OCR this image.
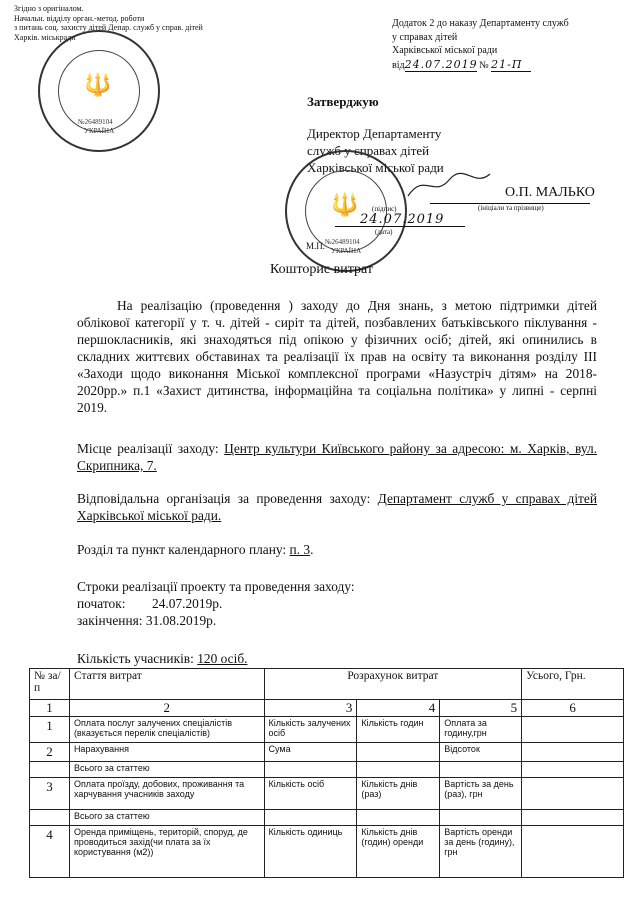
Згідно з оригіналом.
Начальн. відділу орган.-метод. роботи
з питань соц. захисту дітей Депар. служб у справ. дітей
Харків. міськради
🔱
№26489104
УКРАЇНА
Додаток 2 до наказу Департаменту служб
у справах дітей
Харківської міської ради
від24.07.2019 № 21-П
Затверджую
Директор Департаменту
служб у справах дітей
Харківської міської ради
🔱
№26489104
УКРАЇНА
О.П. МАЛЬКО
(ініціали та прізвище)
(підпис)
24.07.2019
(дата)
М.П.
Кошторис витрат
На реалізацію (проведення ) заходу до Дня знань, з метою підтримки дітей облікової категорії у т. ч. дітей - сиріт та дітей, позбавлених батьківського піклування - першокласників, які знаходяться під опікою у фізичних осіб; дітей, які опинились в складних життєвих обставинах та реалізації їх прав на освіту та виконання розділу ІІІ «Заходи щодо виконання Міської комплексної програми «Назустріч дітям» на 2018-2020рр.» п.1 «Захист дитинства, інформаційна та соціальна політика» у липні - серпні 2019.
Місце реалізації заходу: Центр культури Київського району за адресою: м. Харків, вул. Скрипника, 7.
Відповідальна організація за проведення заходу: Департамент служб у справах дітей Харківської міської ради.
Розділ та пункт календарного плану: п. 3.
Строки реалізації проекту та проведення заходу:
початок: 24.07.2019р.
закінчення: 31.08.2019р.
Кількість учасників: 120 осіб.
№ за/п	Стаття витрат	Розрахунок витрат			Усього, Грн.
1	2	3	4	5	6
1	Оплата послуг залучених спеціалістів (вказується перелік спеціалістів)	Кількість залучених осіб	Кількість годин	Оплата за годину,грн	
2	Нарахування	Сума		Відсоток	
	Всього за статтею				
3	Оплата проїзду, добових, проживання та харчування учасників заходу	Кількість осіб	Кількість днів (раз)	Вартість за день (раз), грн	
	Всього за статтею				
4	Оренда приміщень, територій, споруд, де проводиться захід(чи плата за їх користування (м2))	Кількість одиниць	Кількість днів (годин) оренди	Вартість оренди за день (годину), грн	
